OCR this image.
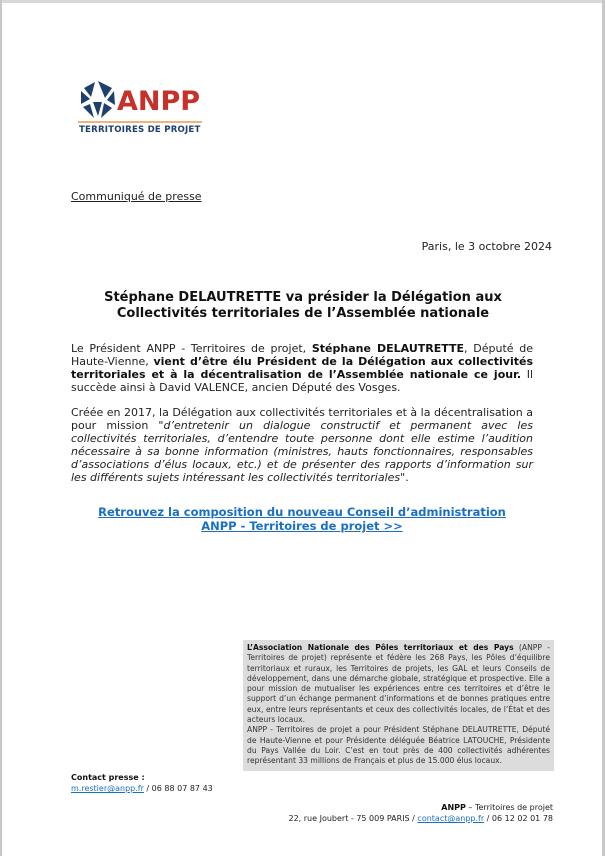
ANPP
TERRITOIRES DE PROJET
Communiqué de presse
Paris, le 3 octobre 2024
Stéphane DELAUTRETTE va présider la Délégation aux Collectivités territoriales de l’Assemblée nationale
Le Président ANPP - Territoires de projet, Stéphane DELAUTRETTE, Député de Haute-Vienne, vient d’être élu Président de la Délégation aux collectivités territoriales et à la décentralisation de l’Assemblée nationale ce jour. Il succède ainsi à David VALENCE, ancien Député des Vosges.
Créée en 2017, la Délégation aux collectivités territoriales et à la décentralisation a pour mission "d’entretenir un dialogue constructif et permanent avec les collectivités territoriales, d’entendre toute personne dont elle estime l’audition nécessaire à sa bonne information (ministres, hauts fonctionnaires, responsables d’associations d’élus locaux, etc.) et de présenter des rapports d’information sur les différents sujets intéressant les collectivités territoriales".
Retrouvez la composition du nouveau Conseil d’administration
ANPP - Territoires de projet >>
L’Association Nationale des Pôles territoriaux et des Pays (ANPP - Territoires de projet) représente et fédère les 268 Pays, les Pôles d’équilibre territoriaux et ruraux, les Territoires de projets, les GAL et leurs Conseils de développement, dans une démarche globale, stratégique et prospective. Elle a pour mission de mutualiser les expériences entre ces territoires et d’être le support d’un échange permanent d’informations et de bonnes pratiques entre eux, entre leurs représentants et ceux des collectivités locales, de l’État et des acteurs locaux.
ANPP - Territoires de projet a pour Président Stéphane DELAUTRETTE, Député de Haute-Vienne et pour Présidente déléguée Béatrice LATOUCHE, Présidente du Pays Vallée du Loir. C’est en tout près de 400 collectivités adhérentes représentant 33 millions de Français et plus de 15.000 élus locaux.
Contact presse :
m.restier@anpp.fr / 06 88 07 87 43
ANPP – Territoires de projet
22, rue Joubert - 75 009 PARIS / contact@anpp.fr / 06 12 02 01 78
